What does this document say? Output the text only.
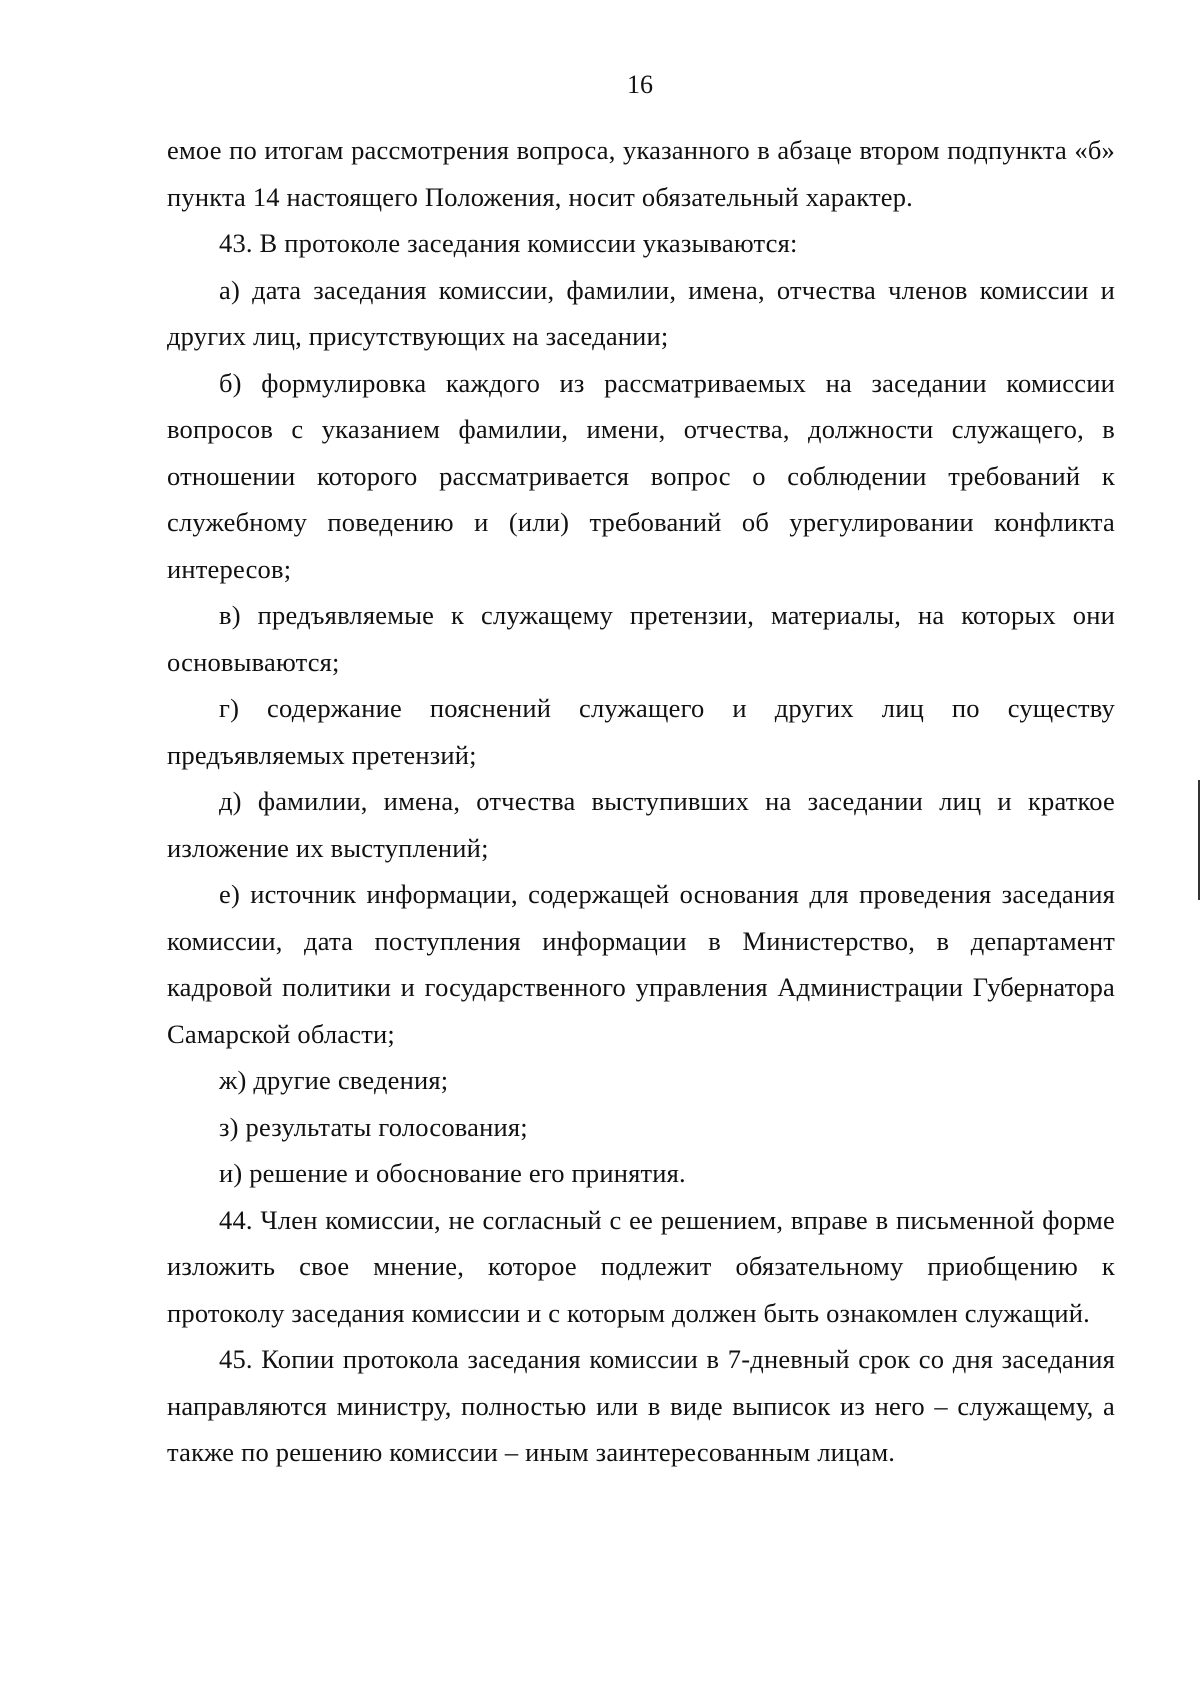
16

емое по итогам рассмотрения вопроса, указанного в абзаце втором подпункта «б» пункта 14 настоящего Положения, носит обязательный характер.

43. В протоколе заседания комиссии указываются:

а) дата заседания комиссии, фамилии, имена, отчества членов комиссии и других лиц, присутствующих на заседании;

б) формулировка каждого из рассматриваемых на заседании комиссии вопросов с указанием фамилии, имени, отчества, должности служащего, в отношении которого рассматривается вопрос о соблюдении требований к служебному поведению и (или) требований об урегулировании конфликта интересов;

в) предъявляемые к служащему претензии, материалы, на которых они основываются;

г) содержание пояснений служащего и других лиц по существу предъявляемых претензий;

д) фамилии, имена, отчества выступивших на заседании лиц и краткое изложение их выступлений;

е) источник информации, содержащей основания для проведения заседания комиссии, дата поступления информации в Министерство, в департамент кадровой политики и государственного управления Администрации Губернатора Самарской области;

ж) другие сведения;

з) результаты голосования;

и) решение и обоснование его принятия.

44. Член комиссии, не согласный с ее решением, вправе в письменной форме изложить свое мнение, которое подлежит обязательному приобщению к протоколу заседания комиссии и с которым должен быть ознакомлен служащий.

45. Копии протокола заседания комиссии в 7-дневный срок со дня заседания направляются министру, полностью или в виде выписок из него – служащему, а также по решению комиссии – иным заинтересованным лицам.
